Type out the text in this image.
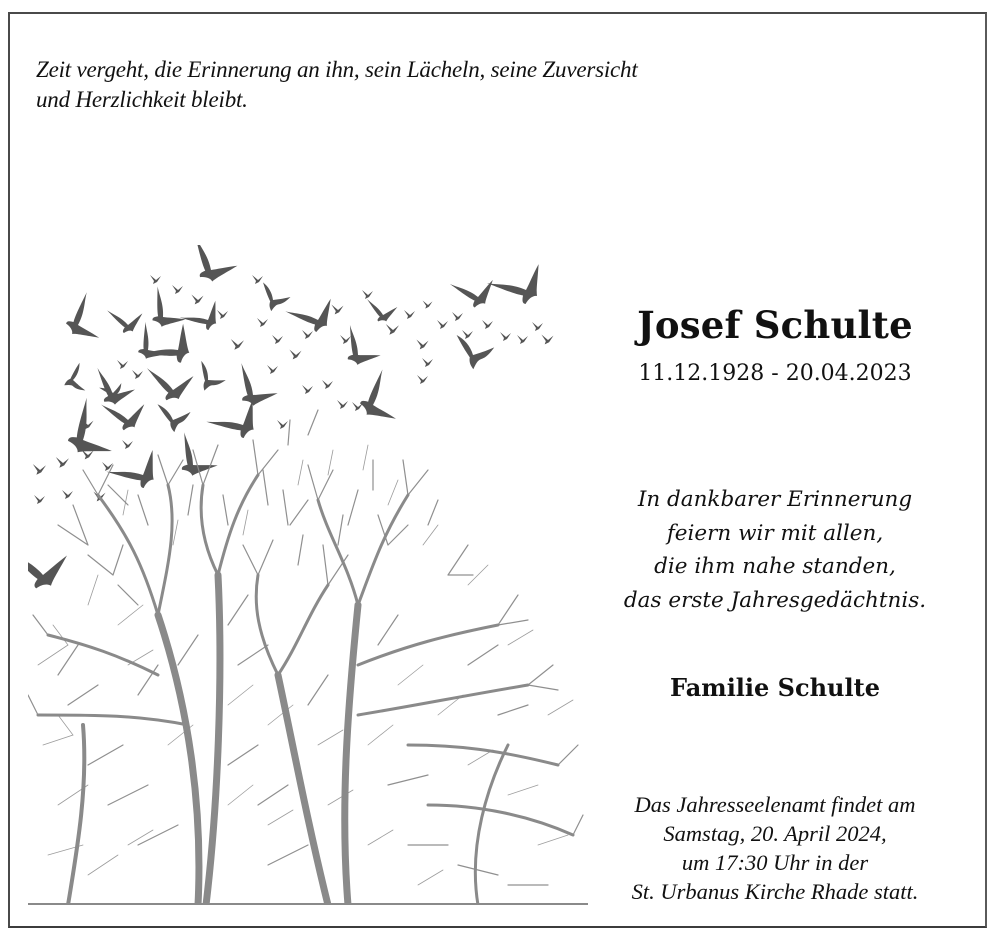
Zeit vergeht, die Erinnerung an ihn, sein Lächeln, seine Zuversicht
und Herzlichkeit bleibt.
Josef Schulte
11.12.1928 - 20.04.2023
In dankbarer Erinnerung
feiern wir mit allen,
die ihm nahe standen,
das erste Jahresgedächtnis.
Familie Schulte
Das Jahresseelenamt findet am
Samstag, 20. April 2024,
um 17:30 Uhr in der
St. Urbanus Kirche Rhade statt.
